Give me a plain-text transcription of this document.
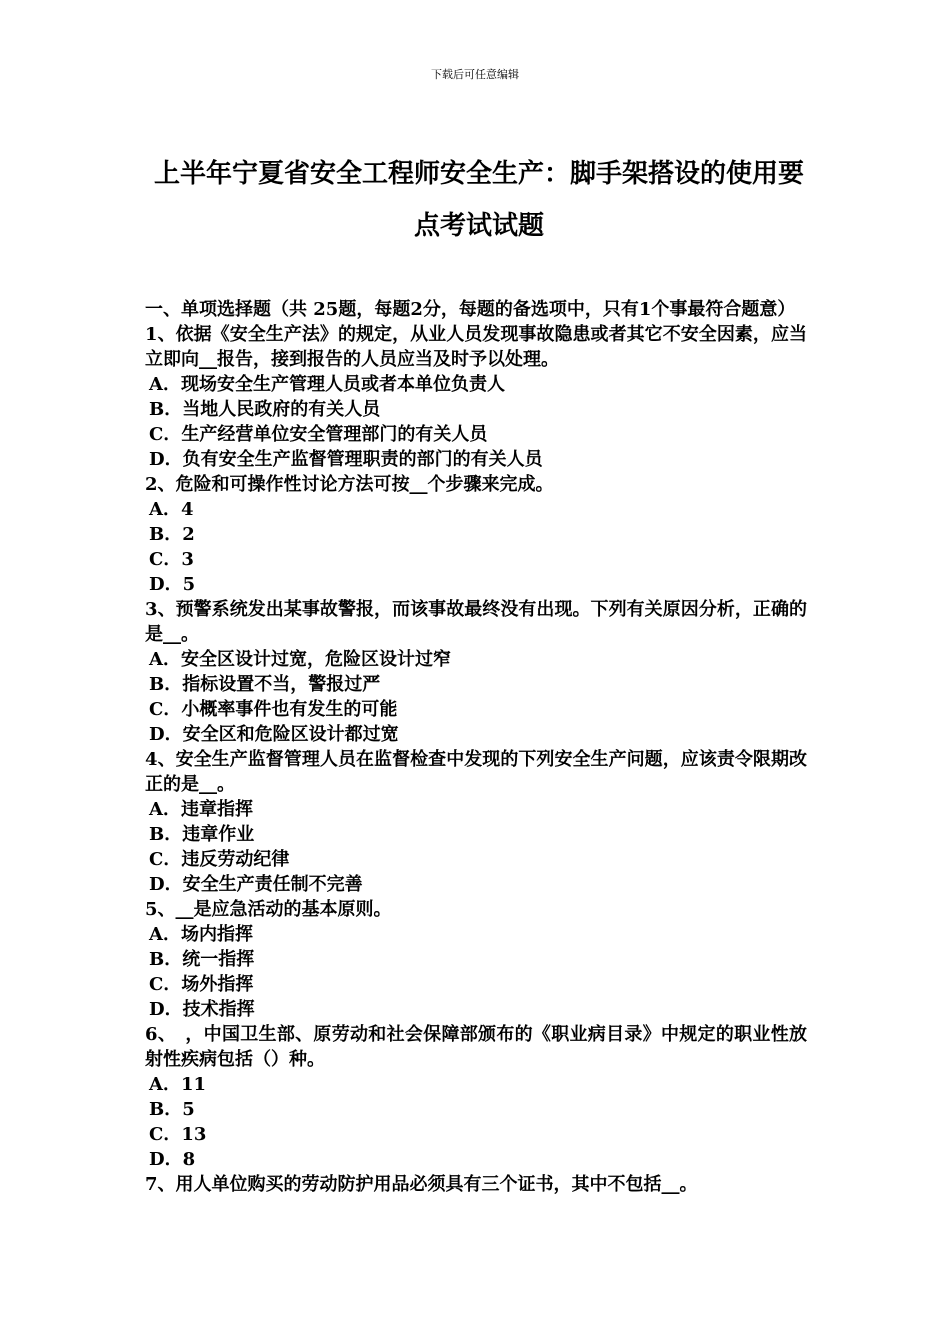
下载后可任意编辑
上半年宁夏省安全工程师安全生产：脚手架搭设的使用要点考试试题

一、单项选择题（共 25题，每题2分，每题的备选项中，只有1个事最符合题意）

1、依据《安全生产法》的规定，从业人员发现事故隐患或者其它不安全因素，应当立即向__报告，接到报告的人员应当及时予以处理。

A．现场安全生产管理人员或者本单位负责人
B．当地人民政府的有关人员
C．生产经营单位安全管理部门的有关人员
D．负有安全生产监督管理职责的部门的有关人员

2、危险和可操作性讨论方法可按__个步骤来完成。

A．4
B．2
C．3
D．5

3、预警系统发出某事故警报，而该事故最终没有出现。下列有关原因分析，正确的是__。

A．安全区设计过宽，危险区设计过窄
B．指标设置不当，警报过严
C．小概率事件也有发生的可能
D．安全区和危险区设计都过宽

4、安全生产监督管理人员在监督检查中发现的下列安全生产问题，应该责令限期改正的是__。

A．违章指挥
B．违章作业
C．违反劳动纪律
D．安全生产责任制不完善

5、__是应急活动的基本原则。

A．场内指挥
B．统一指挥
C．场外指挥
D．技术指挥

6、　，中国卫生部、原劳动和社会保障部颁布的《职业病目录》中规定的职业性放射性疾病包括（）种。

A．11
B．5
C．13
D．8

7、用人单位购买的劳动防护用品必须具有三个证书，其中不包括__。
